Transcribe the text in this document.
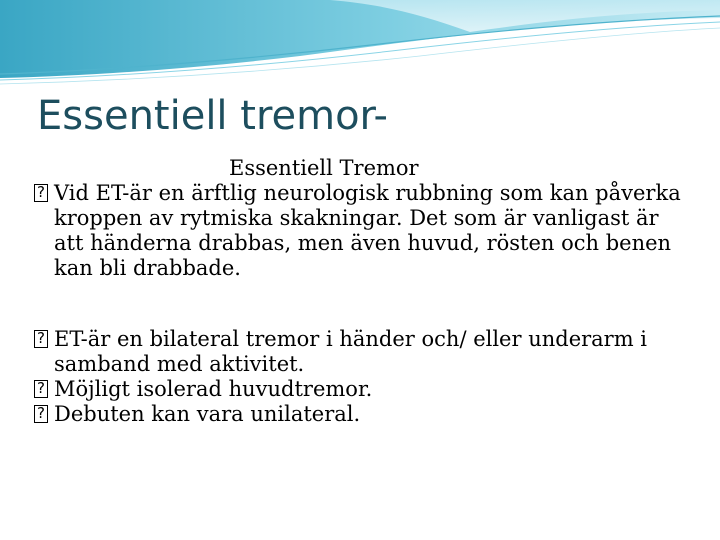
Essentiell tremor-

Essentiell Tremor

? Vid ET-är en ärftlig neurologisk rubbning som kan påverka kroppen av rytmiska skakningar. Det som är vanligast är att händerna drabbas, men även huvud, rösten och benen kan bli drabbade.
? ET-är en bilateral tremor i händer och/ eller underarm i samband med aktivitet.
? Möjligt isolerad huvudtremor.
? Debuten kan vara unilateral.
